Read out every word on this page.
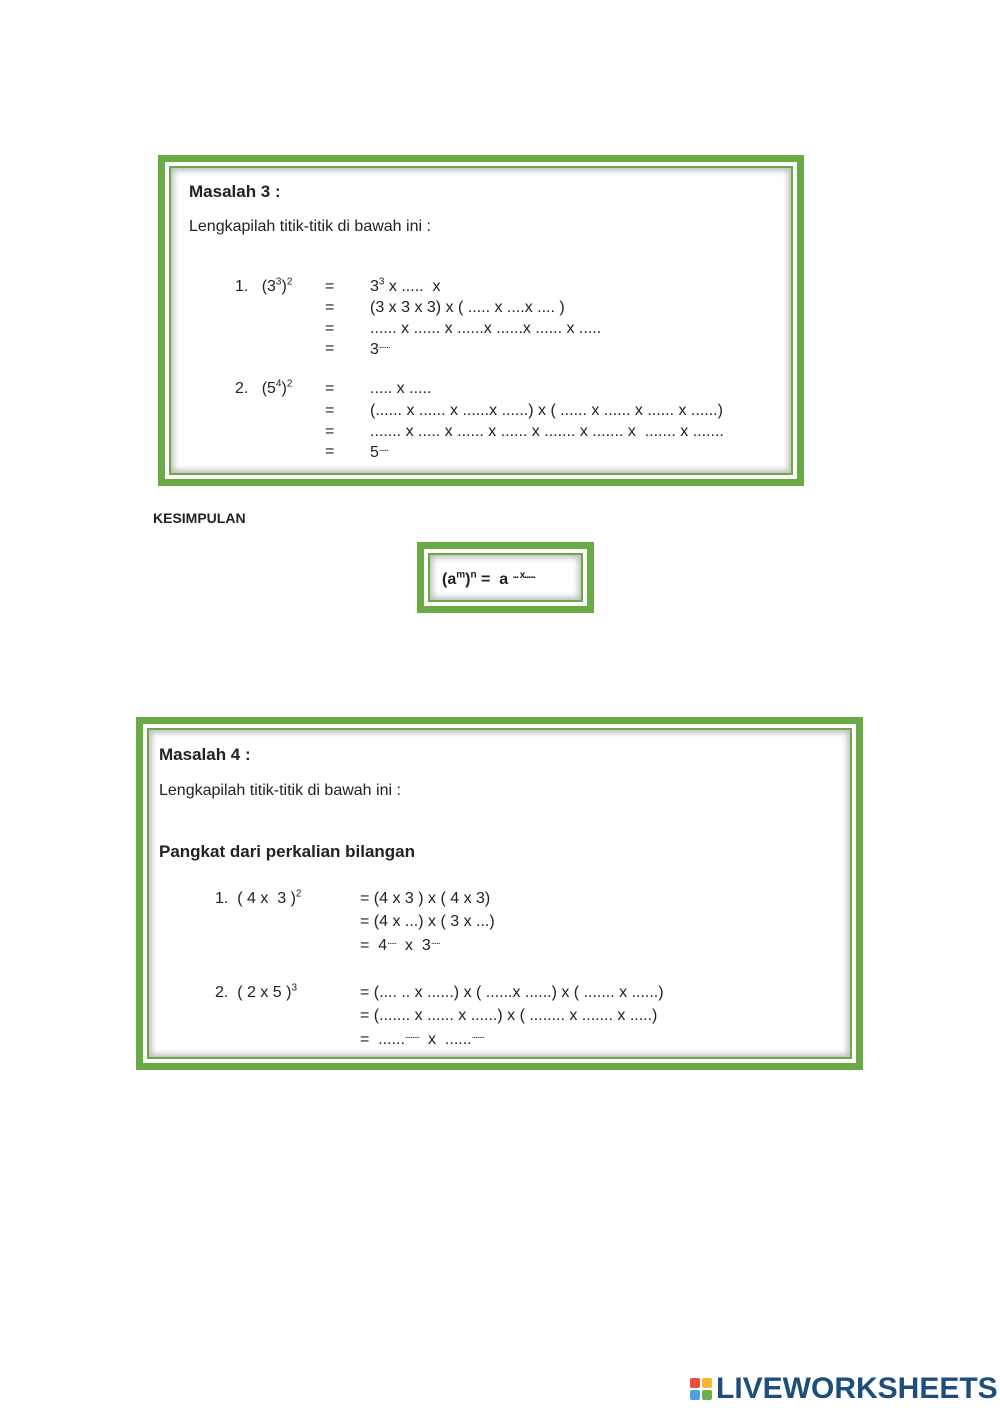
Masalah 3 :
Lengkapilah titik-titik di bawah ini :
1. $(3^3)^2 = 3^3$ x .....  x
= (3 x 3 x 3) x ( ..... x ....x .... )
= ...... x ...... x ......x ......x ...... x .....
= 3......
2. $(5^4)^2$ = ..... x .....
= (...... x ...... x ......x ......) x ( ...... x ...... x ...... x ......)
= ....... x ..... x ...... x ...... x ....... x ....... x  ....... x .......
= 5.....
KESIMPULAN
$(a^m)^n = a$ $^{... x......}$
Masalah 4 :
Lengkapilah titik-titik di bawah ini :
Pangkat dari perkalian bilangan
1.  ( 4 x  3 )$^2$	= (4 x 3 ) x ( 4 x 3)
= (4 x ...) x ( 3 x ...)
=  4.....  x  3.....
2.  ( 2 x 5 )$^3$	= (.... .. x ......) x ( ......x ......) x ( ....... x ......)
= (....... x ...... x ......) x ( ........ x ....... x .....)
=  ..............  x  .............
LIVEWORKSHEETS
